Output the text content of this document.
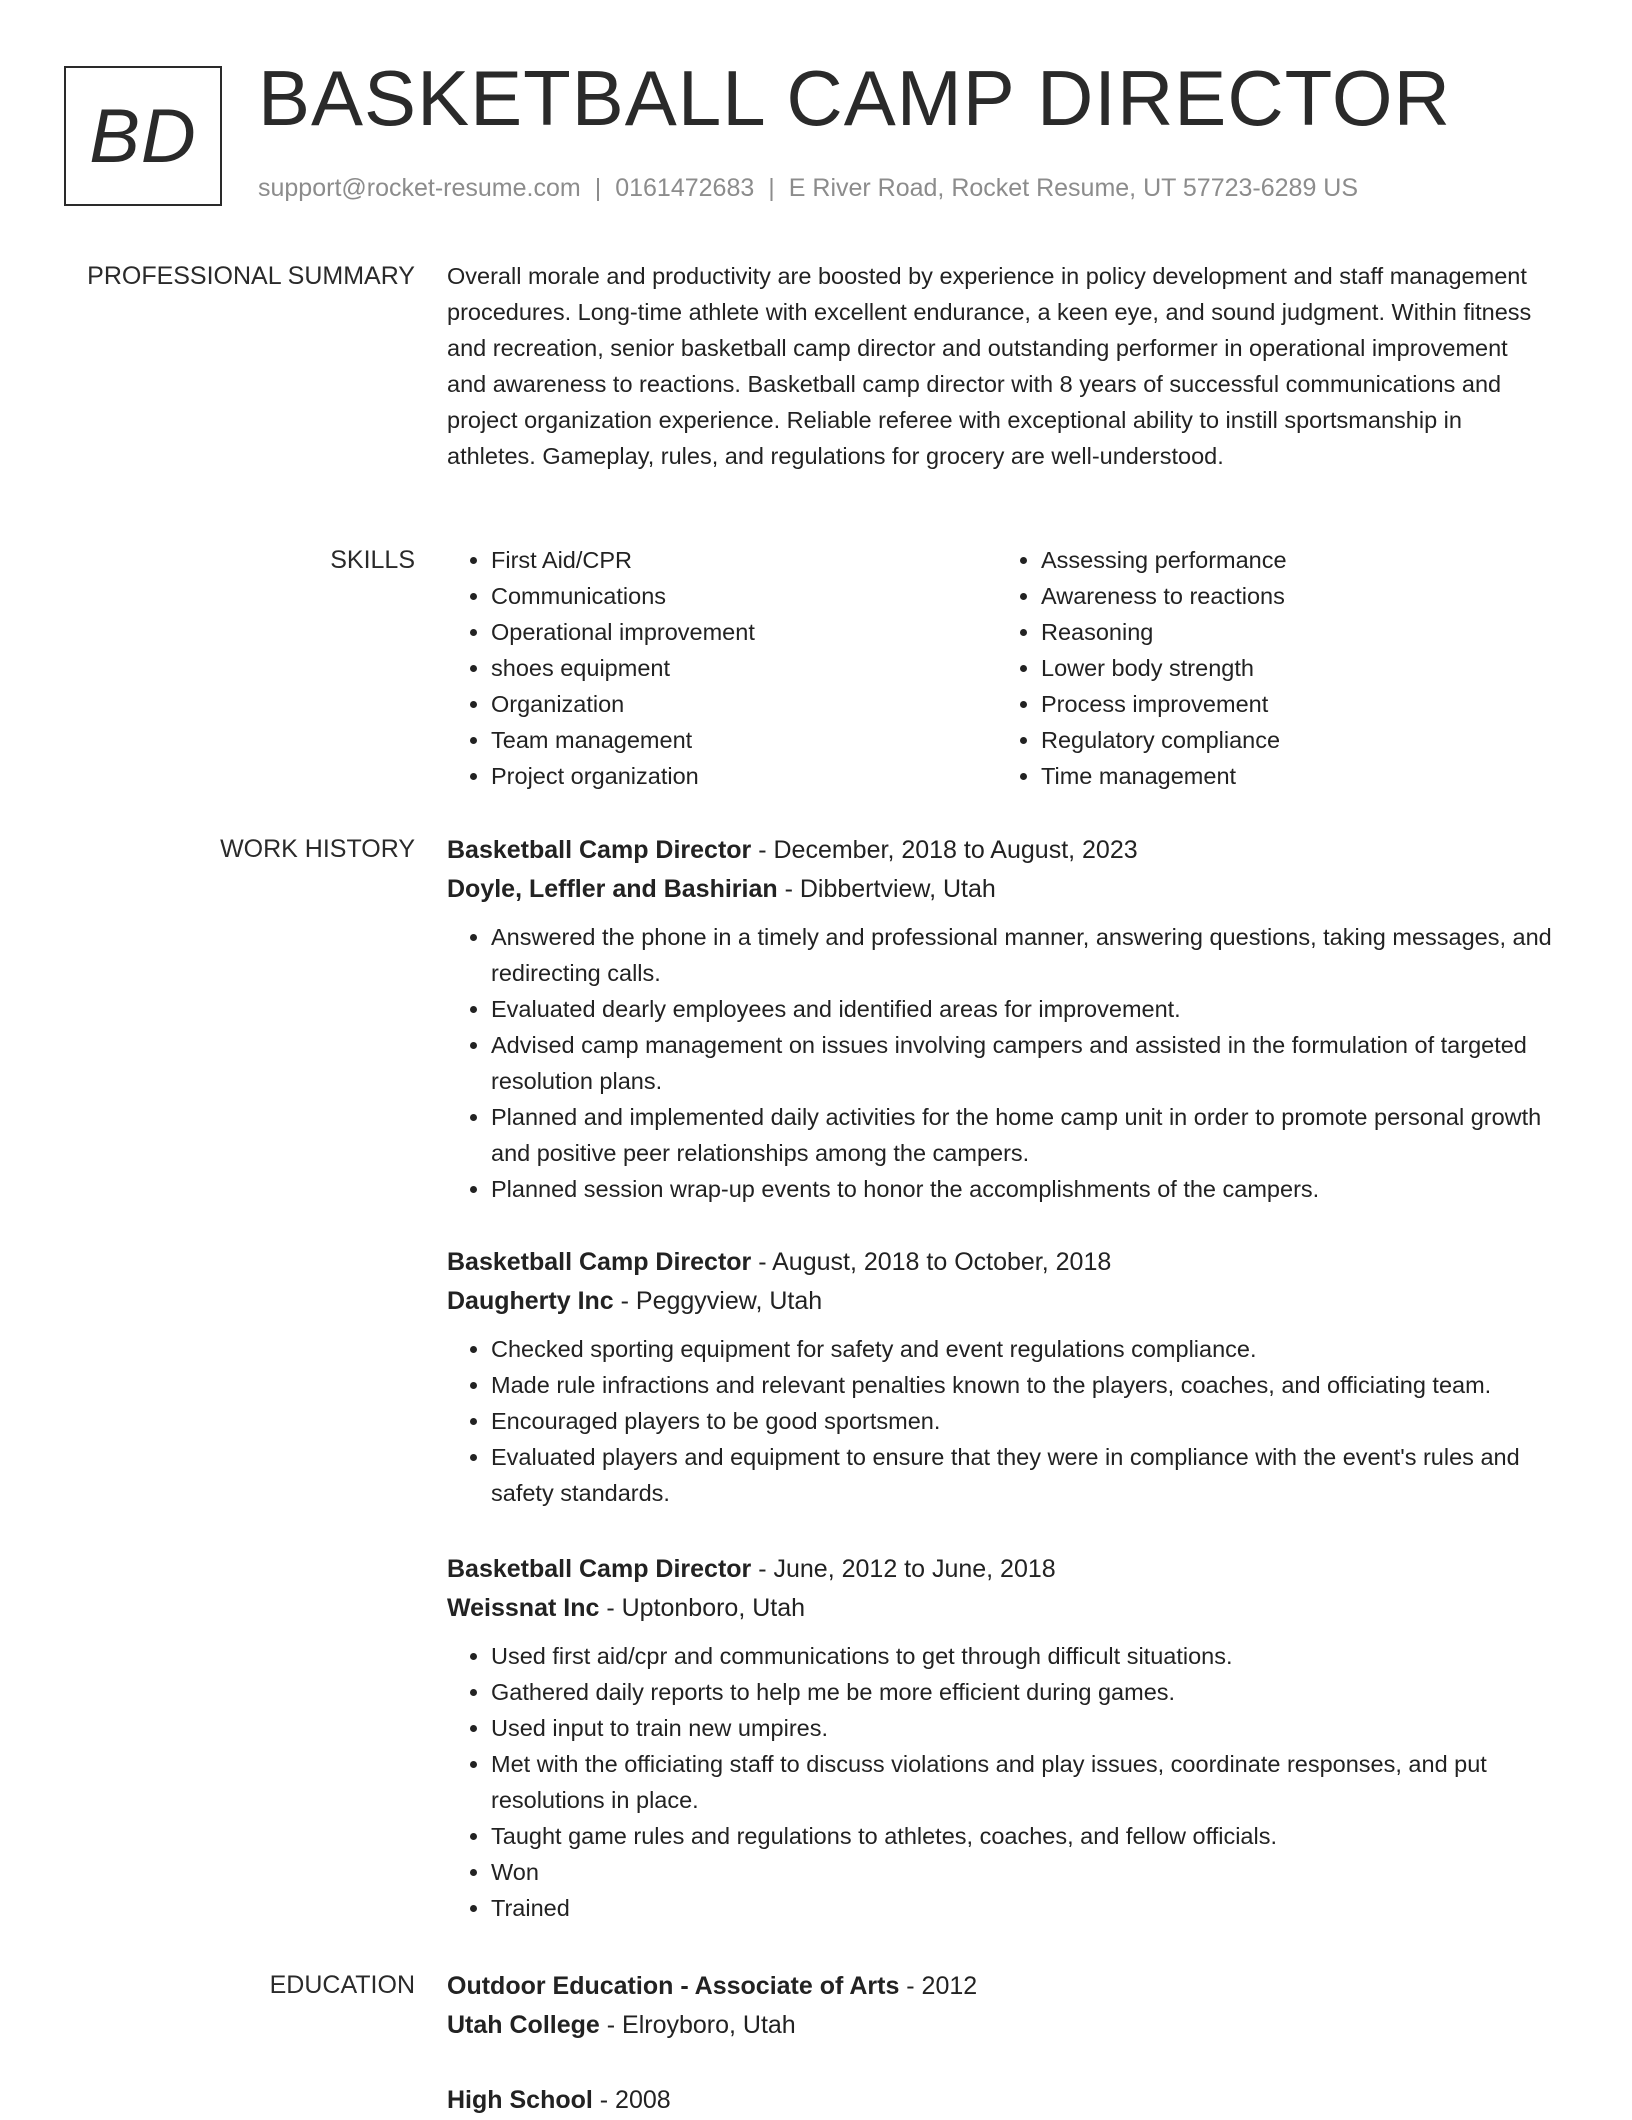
BD BASKETBALL CAMP DIRECTOR
support@rocket-resume.com | 0161472683 | E River Road, Rocket Resume, UT 57723-6289 US
PROFESSIONAL SUMMARY Overall morale and productivity are boosted by experience in policy development and staff management procedures. Long-time athlete with excellent endurance, a keen eye, and sound judgment. Within fitness and recreation, senior basketball camp director and outstanding performer in operational improvement and awareness to reactions. Basketball camp director with 8 years of successful communications and project organization experience. Reliable referee with exceptional ability to instill sportsmanship in athletes. Gameplay, rules, and regulations for grocery are well-understood.

SKILLS
•	First Aid/CPR
• Communications
• Operational improvement
• shoes equipment
• Organization
• Team management
• Project organization
• Assessing performance
• Awareness to reactions
• Reasoning
• Lower body strength
• Process improvement
• Regulatory compliance
• Time management
WORK HISTORY Basketball Camp Director - December, 2018 to August, 2023
Doyle, Leffler and Bashirian - Dibbertview, Utah
• Answered the phone in a timely and professional manner, answering questions, taking messages, and redirecting calls.
• Evaluated dearly employees and identified areas for improvement.
• Advised camp management on issues involving campers and assisted in the formulation of targeted resolution plans.
• Planned and implemented daily activities for the home camp unit in order to promote personal growth and positive peer relationships among the campers.
• Planned session wrap-up events to honor the accomplishments of the campers.
Basketball Camp Director - August, 2018 to October, 2018
Daugherty Inc - Peggyview, Utah
• Checked sporting equipment for safety and event regulations compliance.
• Made rule infractions and relevant penalties known to the players, coaches, and officiating team.
• Encouraged players to be good sportsmen.
• Evaluated players and equipment to ensure that they were in compliance with the event's rules and safety standards.
Basketball Camp Director - June, 2012 to June, 2018
Weissnat Inc - Uptonboro, Utah
• Used first aid/cpr and communications to get through difficult situations.
• Gathered daily reports to help me be more efficient during games.
• Used input to train new umpires.
• Met with the officiating staff to discuss violations and play issues, coordinate responses, and put resolutions in place.
• Taught game rules and regulations to athletes, coaches, and fellow officials.
• Won
• Trained
EDUCATION Outdoor Education - Associate of Arts - 2012
Utah College - Elroyboro, Utah
High School - 2008
